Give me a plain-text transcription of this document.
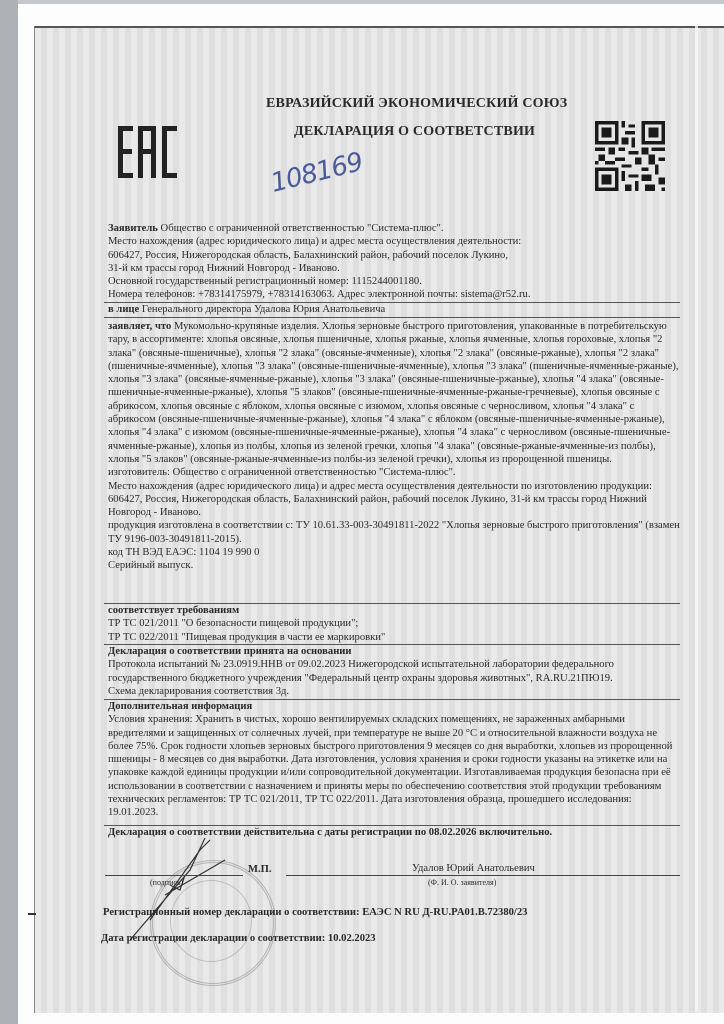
ЕВРАЗИЙСКИЙ ЭКОНОМИЧЕСКИЙ СОЮЗ
ДЕКЛАРАЦИЯ О СООТВЕТСТВИИ
108169

Заявитель Общество с ограниченной ответственностью "Система-плюс".

Место нахождения (адрес юридического лица) и адрес места осуществления деятельности:

606427, Россия, Нижегородская область, Балахнинский район, рабочий поселок Лукино,

31-й км трассы город Нижний Новгород - Иваново.

Основной государственный регистрационный номер: 1115244001180.

Номера телефонов: +78314175979, +78314163063. Адрес электронной почты: sistema@r52.ru.

в лице Генерального директора Удалова Юрия Анатольевича

заявляет, что Мукомольно-крупяные изделия. Хлопья зерновые быстрого приготовления, упакованные в потребительскую тару, в ассортименте: хлопья овсяные, хлопья пшеничные, хлопья ржаные, хлопья ячменные, хлопья гороховые, хлопья "2 злака" (овсяные-пшеничные), хлопья "2 злака" (овсяные-ячменные), хлопья "2 злака" (овсяные-ржаные), хлопья "2 злака" (пшеничные-ячменные), хлопья "3 злака" (овсяные-пшеничные-ячменные), хлопья "3 злака" (пшеничные-ячменные-ржаные), хлопья "3 злака" (овсяные-ячменные-ржаные), хлопья "3 злака" (овсяные-пшеничные-ржаные), хлопья "4 злака" (овсяные-пшеничные-ячменные-ржаные), хлопья "5 злаков" (овсяные-пшеничные-ячменные-ржаные-гречневые), хлопья овсяные с абрикосом, хлопья овсяные с яблоком, хлопья овсяные с изюмом, хлопья овсяные с черносливом, хлопья "4 злака" с абрикосом (овсяные-пшеничные-ячменные-ржаные), хлопья "4 злака" с яблоком (овсяные-пшеничные-ячменные-ржаные), хлопья "4 злака" с изюмом (овсяные-пшеничные-ячменные-ржаные), хлопья "4 злака" с черносливом (овсяные-пшеничные-ячменные-ржаные), хлопья из полбы, хлопья из зеленой гречки, хлопья "4 злака" (овсяные-ржаные-ячменные-из полбы), хлопья "5 злаков" (овсяные-ржаные-ячменные-из полбы-из зеленой гречки), хлопья из пророщенной пшеницы.

изготовитель: Общество с ограниченной ответственностью "Система-плюс".

Место нахождения (адрес юридического лица) и адрес места осуществления деятельности по изготовлению продукции: 606427, Россия, Нижегородская область, Балахнинский район, рабочий поселок Лукино, 31-й км трассы город Нижний Новгород - Иваново.

продукция изготовлена в соответствии с: ТУ 10.61.33-003-30491811-2022 "Хлопья зерновые быстрого приготовления" (взамен ТУ 9196-003-30491811-2015).

код ТН ВЭД ЕАЭС: 1104 19 990 0

Серийный выпуск.

соответствует требованиям

ТР ТС 021/2011 "О безопасности пищевой продукции";

ТР ТС 022/2011 "Пищевая продукция в части ее маркировки"

Декларация о соответствии принята на основании

Протокола испытаний № 23.0919.ННВ от 09.02.2023 Нижегородской испытательной лаборатории федерального государственного бюджетного учреждения "Федеральный центр охраны здоровья животных", RA.RU.21ПЮ19.

Схема декларирования соответствия 3д.

Дополнительная информация

Условия хранения: Хранить в чистых, хорошо вентилируемых складских помещениях, не зараженных амбарными вредителями и защищенных от солнечных лучей, при температуре не выше 20 °С и относительной влажности воздуха не более 75%. Срок годности хлопьев зерновых быстрого приготовления 9 месяцев со дня выработки, хлопьев из пророщенной пшеницы - 8 месяцев со дня выработки. Дата изготовления, условия хранения и сроки годности указаны на этикетке или на упаковке каждой единицы продукции и/или сопроводительной документации. Изготавливаемая продукция безопасна при её использовании в соответствии с назначением и приняты меры по обеспечению соответствия этой продукции требованиям технических регламентов: ТР ТС 021/2011, ТР ТС 022/2011. Дата изготовления образца, прошедшего исследования: 19.01.2023.

Декларация о соответствии действительна с даты регистрации по 08.02.2026 включительно.
М.П.
(подпись)
Удалов Юрий Анатольевич
(Ф. И. О. заявителя)
Регистрационный номер декларации о соответствии: ЕАЭС N RU Д-RU.PA01.B.72380/23
Дата регистрации декларации о соответствии: 10.02.2023
